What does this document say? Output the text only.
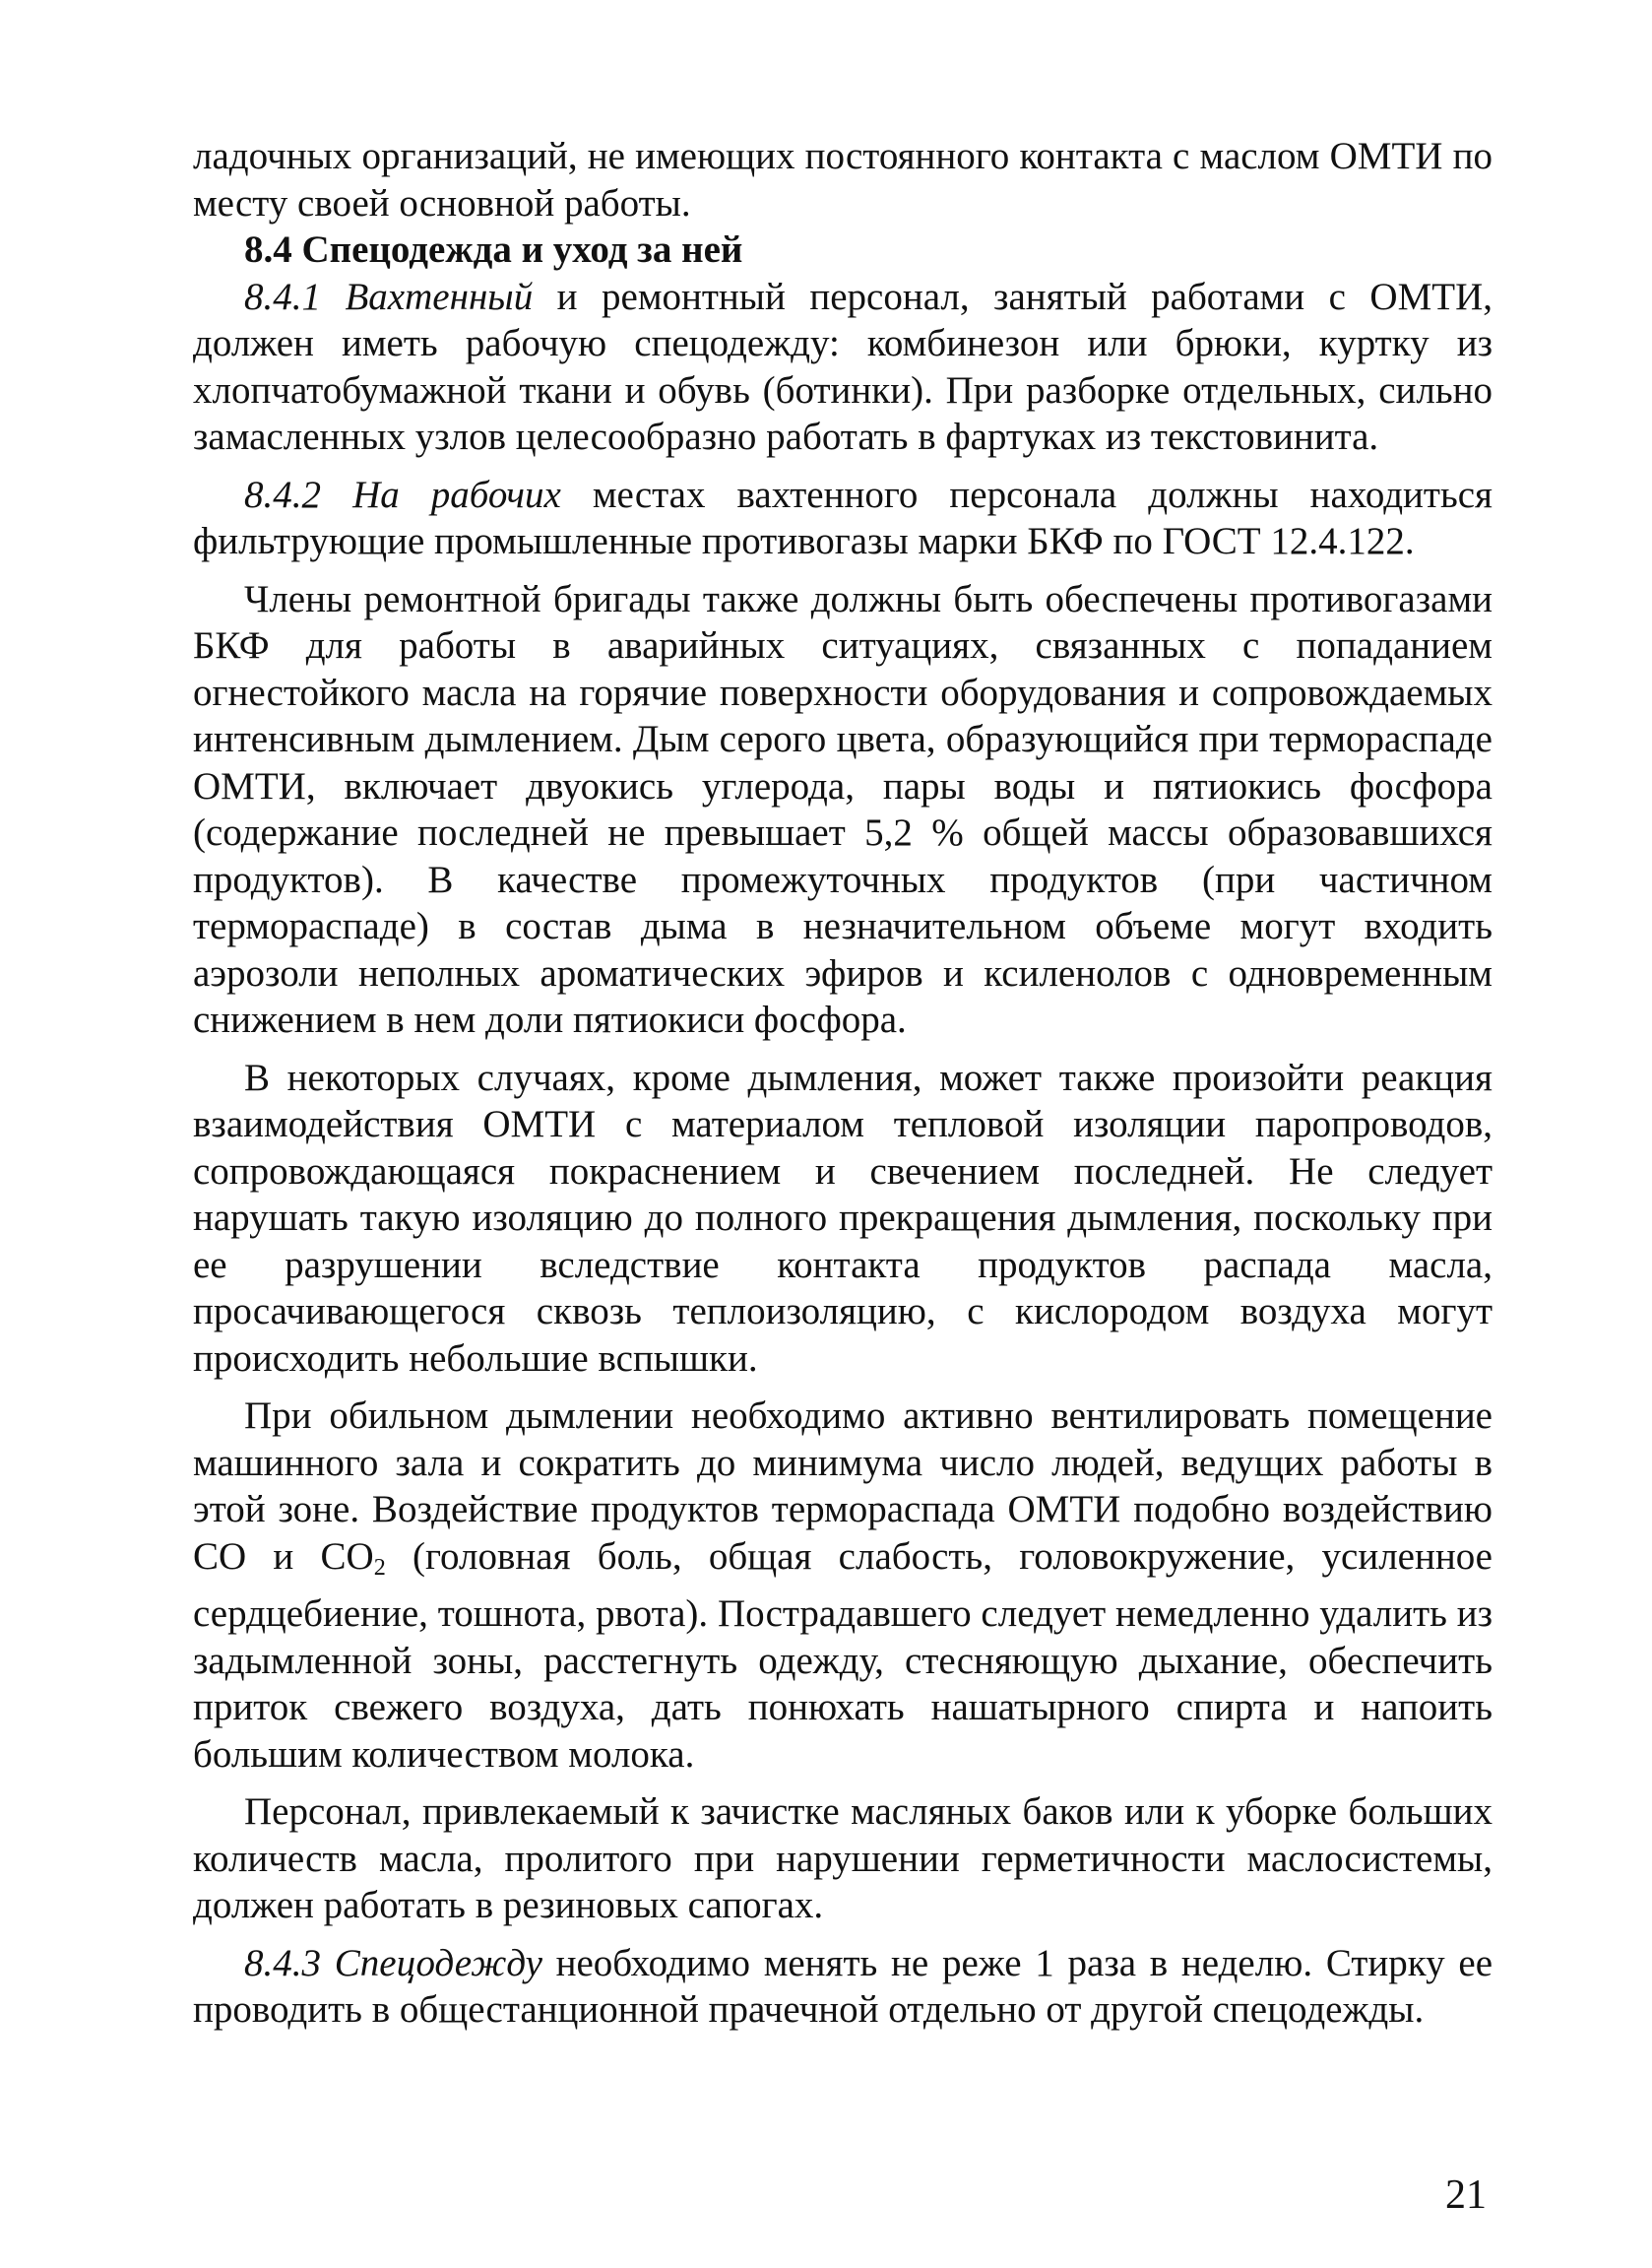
ладочных организаций, не имеющих постоянного контакта с маслом ОМТИ по месту своей основной работы.

8.4 Спецодежда и уход за ней

8.4.1 Вахтенный и ремонтный персонал, занятый работами с ОМТИ, должен иметь рабочую спецодежду: комбинезон или брюки, куртку из хлопчатобумажной ткани и обувь (ботинки). При разборке отдельных, сильно замасленных узлов целесообразно работать в фартуках из текстовинита.

8.4.2 На рабочих местах вахтенного персонала должны находиться фильтрующие промышленные противогазы марки БКФ по ГОСТ 12.4.122.

Члены ремонтной бригады также должны быть обеспечены противогазами БКФ для работы в аварийных ситуациях, связанных с попаданием огнестойкого масла на горячие поверхности оборудования и сопровождаемых интенсивным дымлением. Дым серого цвета, образующийся при термораспаде ОМТИ, включает двуокись углерода, пары воды и пятиокись фосфора (содержание последней не превышает 5,2 % общей массы образовавшихся продуктов). В качестве промежуточных продуктов (при частичном термораспаде) в состав дыма в незначительном объеме могут входить аэрозоли неполных ароматических эфиров и ксиленолов с одновременным снижением в нем доли пятиокиси фосфора.

В некоторых случаях, кроме дымления, может также произойти реакция взаимодействия ОМТИ с материалом тепловой изоляции паропроводов, сопровождающаяся покраснением и свечением последней. Не следует нарушать такую изоляцию до полного прекращения дымления, поскольку при ее разрушении вследствие контакта продуктов распада масла, просачивающегося сквозь теплоизоляцию, с кислородом воздуха могут происходить небольшие вспышки.

При обильном дымлении необходимо активно вентилировать помещение машинного зала и сократить до минимума число людей, ведущих работы в этой зоне. Воздействие продуктов термораспада ОМТИ подобно воздействию СО и $СО_2$ (головная боль, общая слабость, головокружение, усиленное сердцебиение, тошнота, рвота). Пострадавшего следует немедленно удалить из задымленной зоны, расстегнуть одежду, стесняющую дыхание, обеспечить приток свежего воздуха, дать понюхать нашатырного спирта и напоить большим количеством молока.

Персонал, привлекаемый к зачистке масляных баков или к уборке больших количеств масла, пролитого при нарушении герметичности маслосистемы, должен работать в резиновых сапогах.

8.4.3 Спецодежду необходимо менять не реже 1 раза в неделю. Стирку ее проводить в общестанционной прачечной отдельно от другой спецодежды.

21
